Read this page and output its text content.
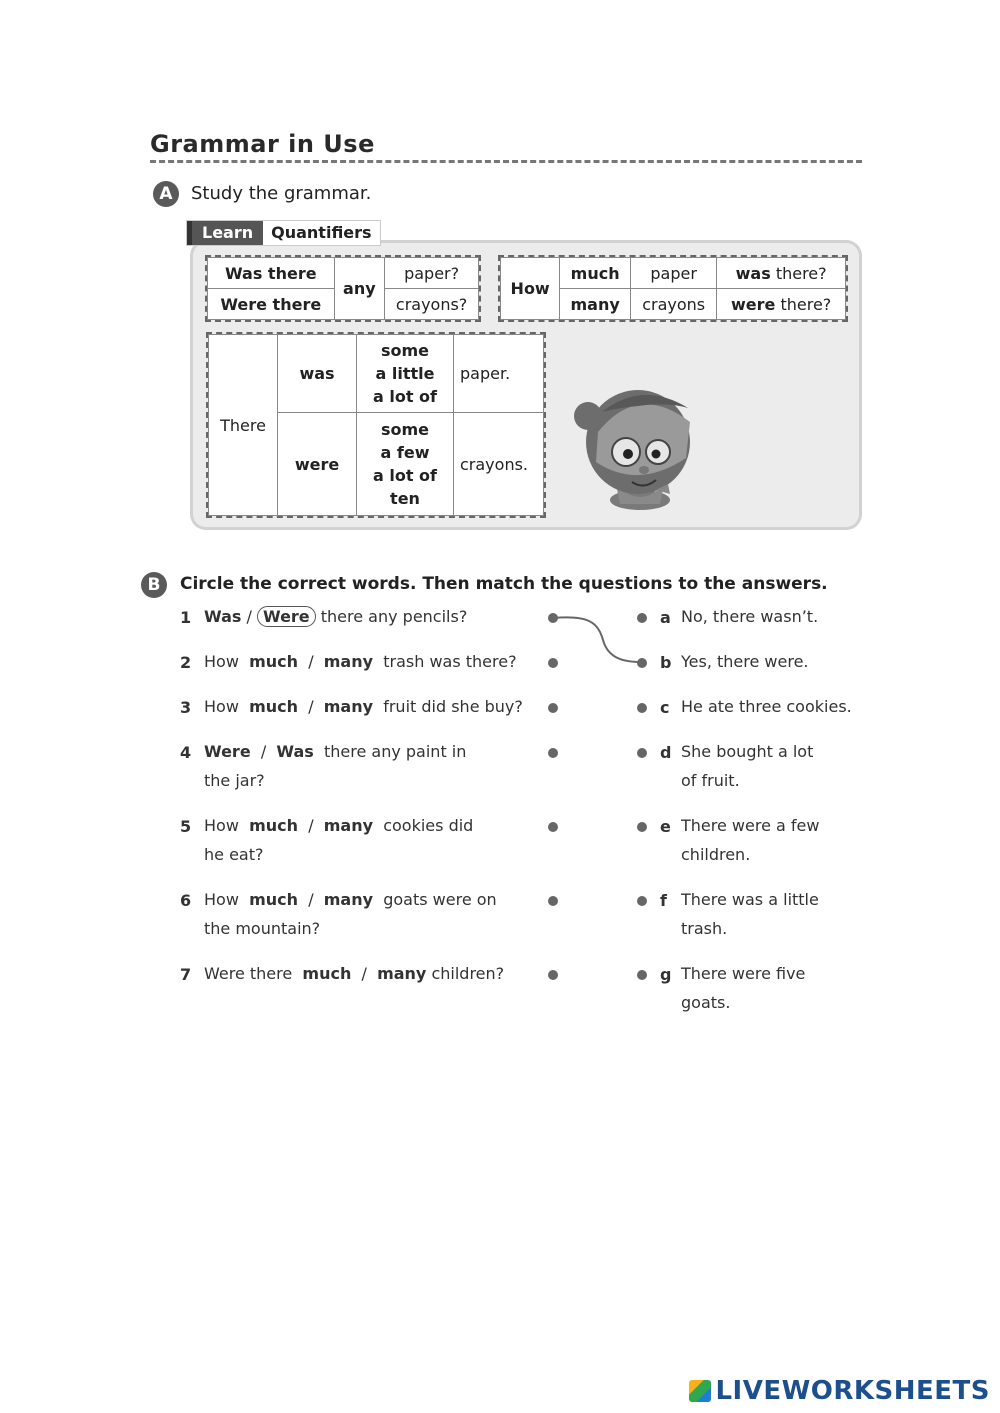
Grammar in Use
A	Study the grammar.
Learn	Quantifiers
Was there	any	paper?
Were there		crayons?
How	much	paper	was there?
	many	crayons	were there?
There	was	some
a little
a lot of	paper.
	were	some
a few
a lot of
ten	crayons.
B	Circle the correct words. Then match the questions to the answers.
1 Was / Were there any pencils?
2 How much / many trash was there?
3 How much / many fruit did she buy?
4 Were / Was there any paint in
the jar?
5 How much / many cookies did
he eat?
6 How much / many goats were on
the mountain?
7 Were there much / many children?
a No, there wasn’t.
b Yes, there were.
c He ate three cookies.
d She bought a lot
of fruit.
e There were a few
children.
f There was a little
trash.
g There were five
goats.
LIVEWORKSHEETS
